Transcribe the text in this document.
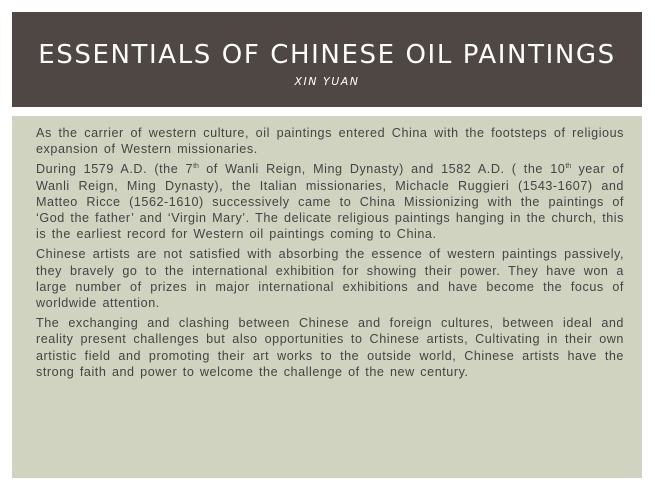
ESSENTIALS OF CHINESE OIL PAINTINGS
XIN YUAN

As the carrier of western culture, oil paintings entered China with the footsteps of religious expansion of Western missionaries.

During 1579 A.D. (the 7th of Wanli Reign, Ming Dynasty) and 1582 A.D. ( the 10th year of Wanli Reign, Ming Dynasty), the Italian missionaries, Michacle Ruggieri (1543-1607) and Matteo Ricce (1562-1610) successively came to China Missionizing with the paintings of ‘God the father’ and ‘Virgin Mary’. The delicate religious paintings hanging in the church, this is the earliest record for Western oil paintings coming to China.

Chinese artists are not satisfied with absorbing the essence of western paintings passively, they bravely go to the international exhibition for showing their power. They have won a large number of prizes in major international exhibitions and have become the focus of worldwide attention.

The exchanging and clashing between Chinese and foreign cultures, between ideal and reality present challenges but also opportunities to Chinese artists, Cultivating in their own artistic field and promoting their art works to the outside world, Chinese artists have the strong faith and power to welcome the challenge of the new century.
